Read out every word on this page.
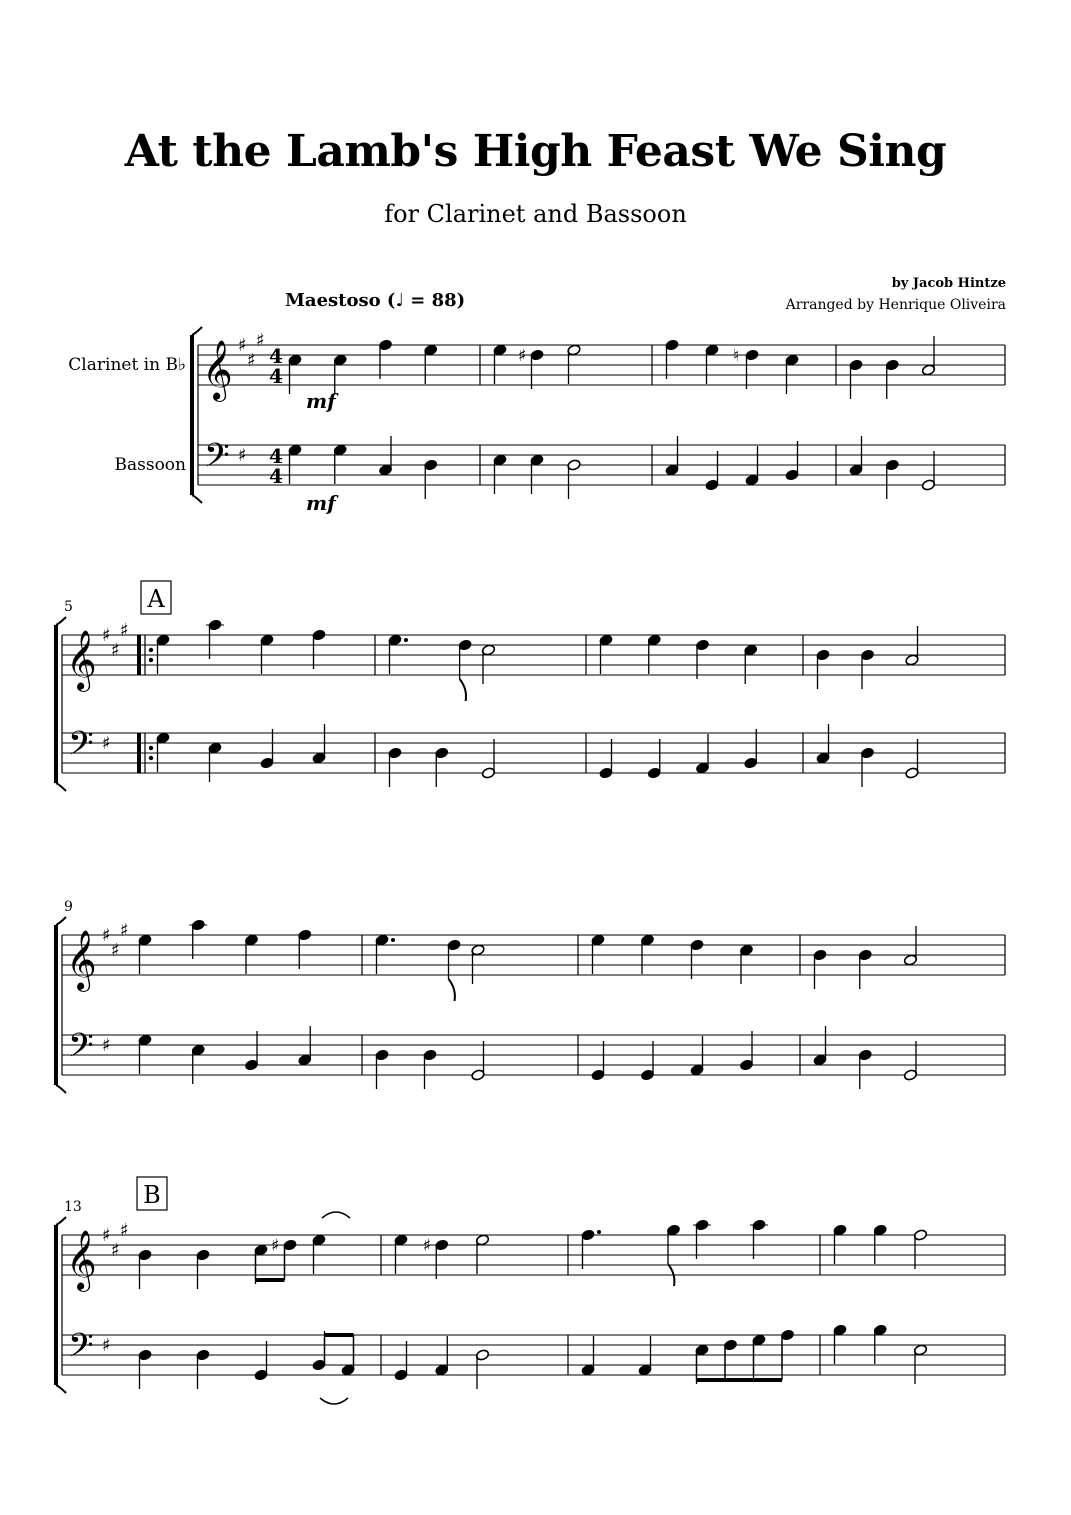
At the Lamb's High Feast We Sing
for Clarinet and Bassoon
by Jacob Hintze
Arranged by Henrique Oliveira
Maestoso (♩ = 88)
𝄞
𝄢
♯
♯
♯
♯
4
4
4
4
♯	♮
𝄞
𝄢
♯
♯
♯
♯
𝄞
𝄢
♯
♯
♯
♯
𝄞
𝄢
♯
♯
♯
♯
♯	♯
Clarinet in B♭
Bassoon
mf
mf
5
9
13
A
B
